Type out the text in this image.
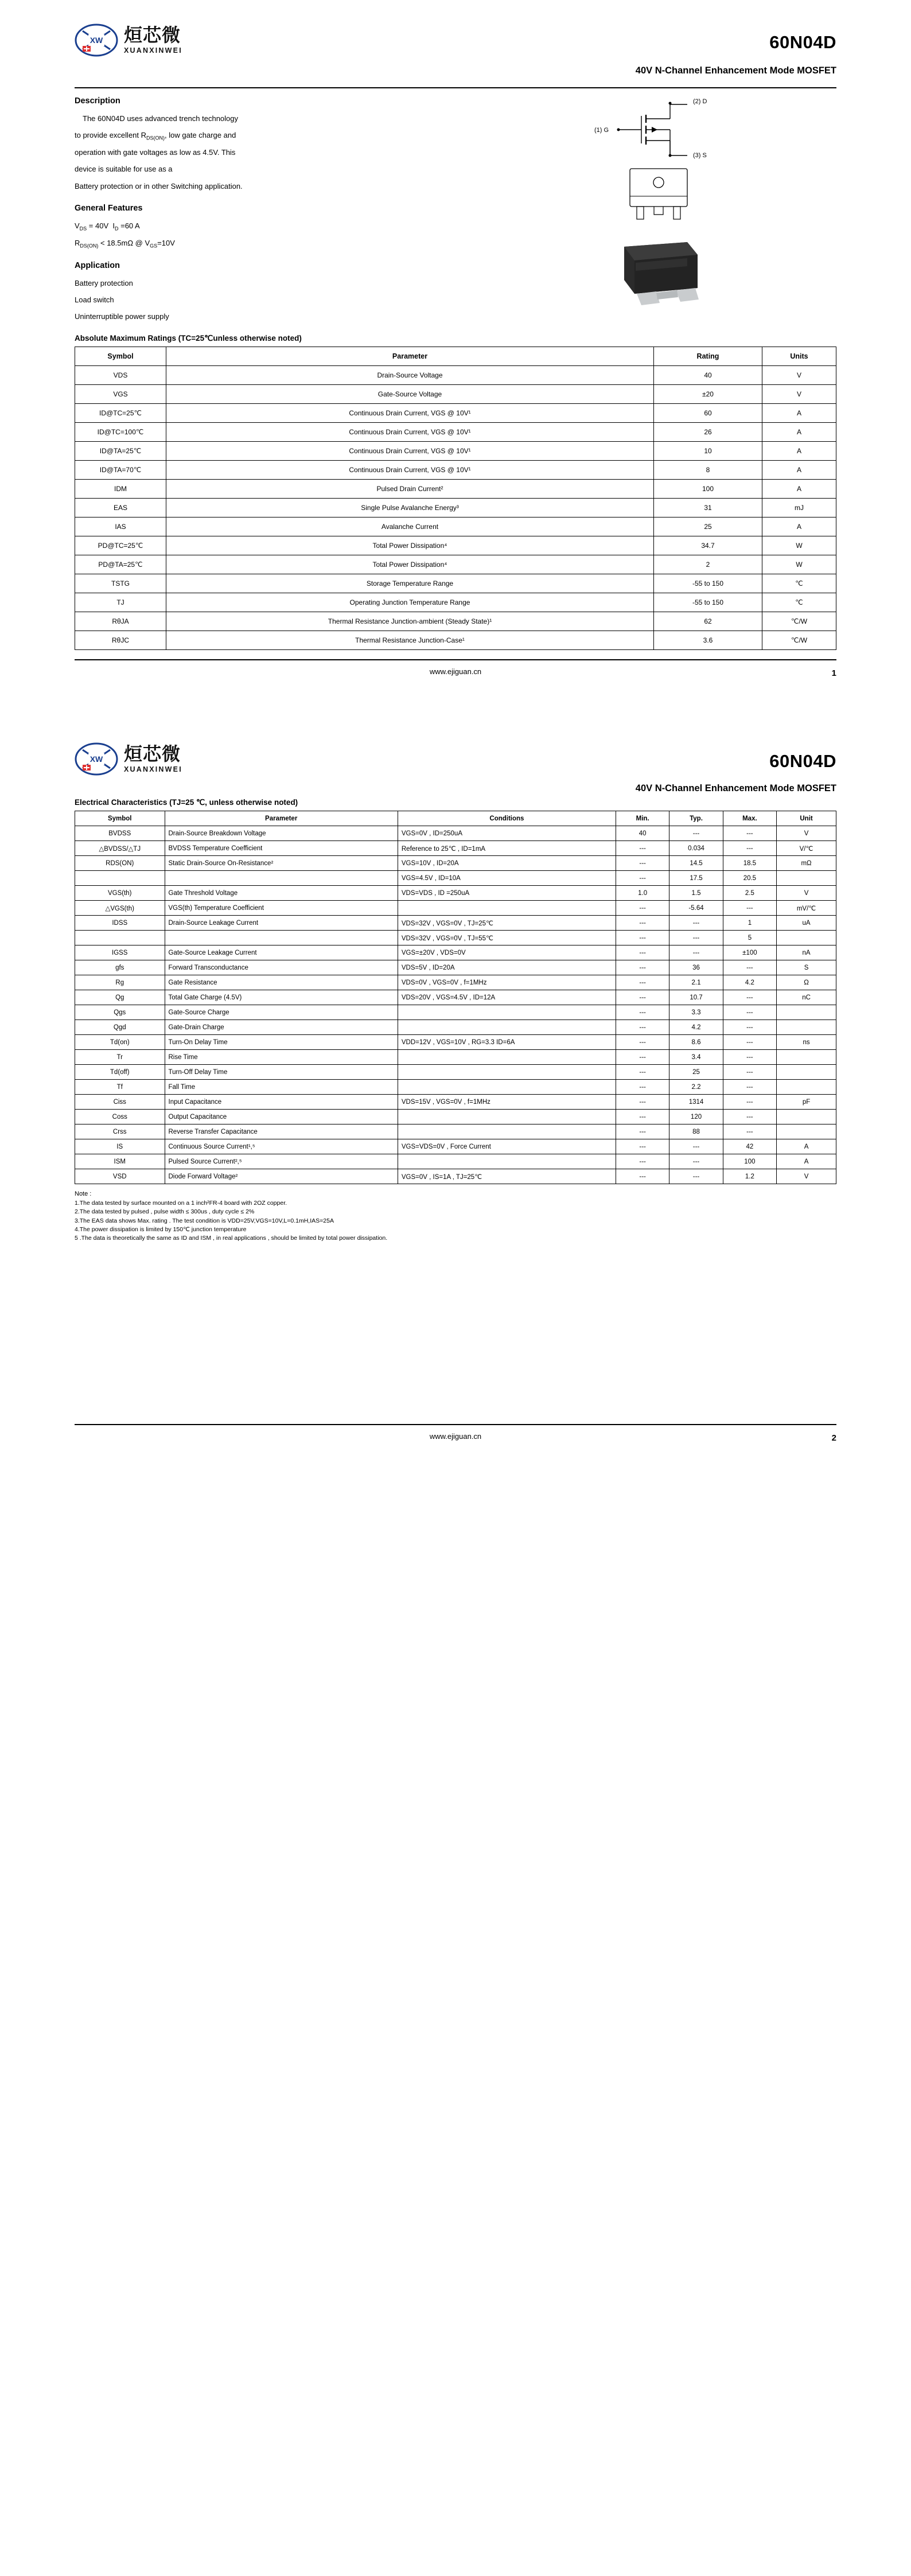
XW 烜芯微
XUANXINWEI	60N04D
40V N-Channel Enhancement Mode MOSFET
Description

The 60N04D uses advanced trench technology

to provide excellent $R_{DS(ON)}$, low gate charge and

operation with gate voltages as low as 4.5V. This

device is suitable for use as a

Battery protection or in other Switching application.

General Features

$V_{DS} = 40V$  $I_D =60$ A

$R_{DS(ON)} < 18.5m\Omega$ @ $V_{GS}=10V$

Application

Battery protection

Load switch

Uninterruptible power supply

(2) D
(1) G
(3) S
Absolute Maximum Ratings (TC=25℃unless otherwise noted)
Symbol	Parameter	Rating	Units
VDS	Drain-Source Voltage	40	V
VGS	Gate-Source Voltage	±20	V
ID@TC=25℃	Continuous Drain Current, VGS @ 10V¹	60	A
ID@TC=100℃	Continuous Drain Current, VGS @ 10V¹	26	A
ID@TA=25℃	Continuous Drain Current, VGS @ 10V¹	10	A
ID@TA=70℃	Continuous Drain Current, VGS @ 10V¹	8	A
IDM	Pulsed Drain Current²	100	A
EAS	Single Pulse Avalanche Energy³	31	mJ
IAS	Avalanche Current	25	A
PD@TC=25℃	Total Power Dissipation⁴	34.7	W
PD@TA=25℃	Total Power Dissipation⁴	2	W
TSTG	Storage Temperature Range	-55 to 150	℃
TJ	Operating Junction Temperature Range	-55 to 150	℃
RθJA	Thermal Resistance Junction-ambient (Steady State)¹	62	℃/W
RθJC	Thermal Resistance Junction-Case¹	3.6	℃/W
www.ejiguan.cn	1
XW 烜芯微
XUANXINWEI	60N04D
40V N-Channel Enhancement Mode MOSFET
Electrical Characteristics (TJ=25 ℃, unless otherwise noted)
Symbol	Parameter	Conditions	Min.	Typ.	Max.	Unit
BVDSS	Drain-Source Breakdown Voltage	VGS=0V , ID=250uA	40	---	---	V
△BVDSS/△TJ	BVDSS Temperature Coefficient	Reference to 25℃ , ID=1mA	---	0.034	---	V/℃
RDS(ON)	Static Drain-Source On-Resistance²	VGS=10V , ID=20A	---	14.5	18.5	mΩ
		VGS=4.5V , ID=10A	---	17.5	20.5	
VGS(th)	Gate Threshold Voltage	VDS=VDS , ID =250uA	1.0	1.5	2.5	V
△VGS(th)	VGS(th) Temperature Coefficient		---	-5.64	---	mV/℃
IDSS	Drain-Source Leakage Current	VDS=32V , VGS=0V , TJ=25℃	---	---	1	uA
		VDS=32V , VGS=0V , TJ=55℃	---	---	5	
IGSS	Gate-Source Leakage Current	VGS=±20V , VDS=0V	---	---	±100	nA
gfs	Forward Transconductance	VDS=5V , ID=20A	---	36	---	S
Rg	Gate Resistance	VDS=0V , VGS=0V , f=1MHz	---	2.1	4.2	Ω
Qg	Total Gate Charge (4.5V)	VDS=20V , VGS=4.5V , ID=12A	---	10.7	---	nC
Qgs	Gate-Source Charge		---	3.3	---	
Qgd	Gate-Drain Charge		---	4.2	---	
Td(on)	Turn-On Delay Time	VDD=12V , VGS=10V , RG=3.3 ID=6A	---	8.6	---	ns
Tr	Rise Time		---	3.4	---	
Td(off)	Turn-Off Delay Time		---	25	---	
Tf	Fall Time		---	2.2	---	
Ciss	Input Capacitance	VDS=15V , VGS=0V , f=1MHz	---	1314	---	pF
Coss	Output Capacitance		---	120	---	
Crss	Reverse Transfer Capacitance		---	88	---	
IS	Continuous Source Current¹,⁵	VGS=VDS=0V , Force Current	---	---	42	A
ISM	Pulsed Source Current²,⁵		---	---	100	A
VSD	Diode Forward Voltage²	VGS=0V , IS=1A , TJ=25℃	---	---	1.2	V
Note :
1.The data tested by surface mounted on a 1 inch²FR-4 board with 2OZ copper.
2.The data tested by pulsed , pulse width ≤ 300us , duty cycle ≤ 2%
3.The EAS data shows Max. rating . The test condition is VDD=25V,VGS=10V,L=0.1mH,IAS=25A
4.The power dissipation is limited by 150℃ junction temperature
5 .The data is theoretically the same as ID and ISM , in real applications , should be limited by total power dissipation.
www.ejiguan.cn	2
